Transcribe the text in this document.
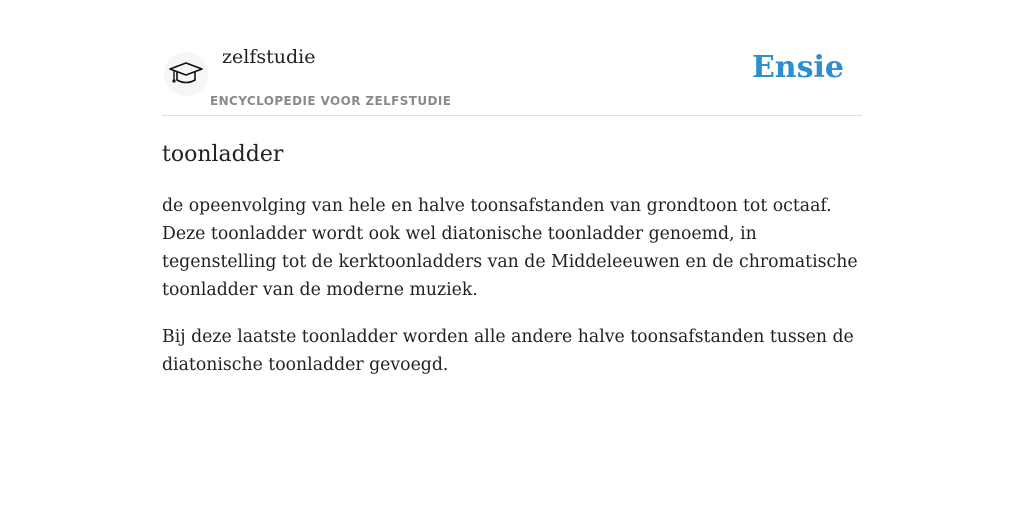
zelfstudie
ENCYCLOPEDIE VOOR ZELFSTUDIE
Ensie
toonladder

de opeenvolging van hele en halve toonsafstanden van grondtoon tot octaaf. Deze toonladder wordt ook wel diatonische toonladder genoemd, in tegenstelling tot de kerktoonladders van de Middeleeuwen en de chromatische toonladder van de moderne muziek.

Bij deze laatste toonladder worden alle andere halve toonsafstanden tussen de diatonische toonladder gevoegd.
